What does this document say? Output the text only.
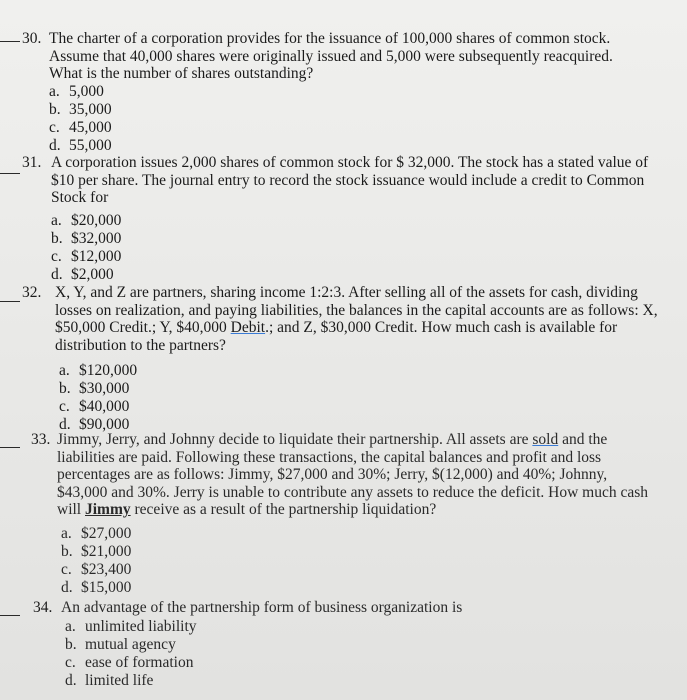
30. The charter of a corporation provides for the issuance of 100,000 shares of common stock.
Assume that 40,000 shares were originally issued and 5,000 were subsequently reacquired.
What is the number of shares outstanding?
a. 5,000
b. 35,000
c. 45,000
d. 55,000
31. A corporation issues 2,000 shares of common stock for $ 32,000. The stock has a stated value of
$10 per share. The journal entry to record the stock issuance would include a credit to Common
Stock for
a. $20,000
b. $32,000
c. $12,000
d. $2,000
32. X, Y, and Z are partners, sharing income 1:2:3. After selling all of the assets for cash, dividing
losses on realization, and paying liabilities, the balances in the capital accounts are as follows: X,
$50,000 Credit.; Y, $40,000 Debit.; and Z, $30,000 Credit. How much cash is available for
distribution to the partners?
a. $120,000
b. $30,000
c. $40,000
d. $90,000
33. Jimmy, Jerry, and Johnny decide to liquidate their partnership. All assets are sold and the
liabilities are paid. Following these transactions, the capital balances and profit and loss
percentages are as follows: Jimmy, $27,000 and 30%; Jerry, $(12,000) and 40%; Johnny,
$43,000 and 30%. Jerry is unable to contribute any assets to reduce the deficit. How much cash
will Jimmy receive as a result of the partnership liquidation?
a. $27,000
b. $21,000
c. $23,400
d. $15,000
34. An advantage of the partnership form of business organization is
a. unlimited liability
b. mutual agency
c. ease of formation
d. limited life
